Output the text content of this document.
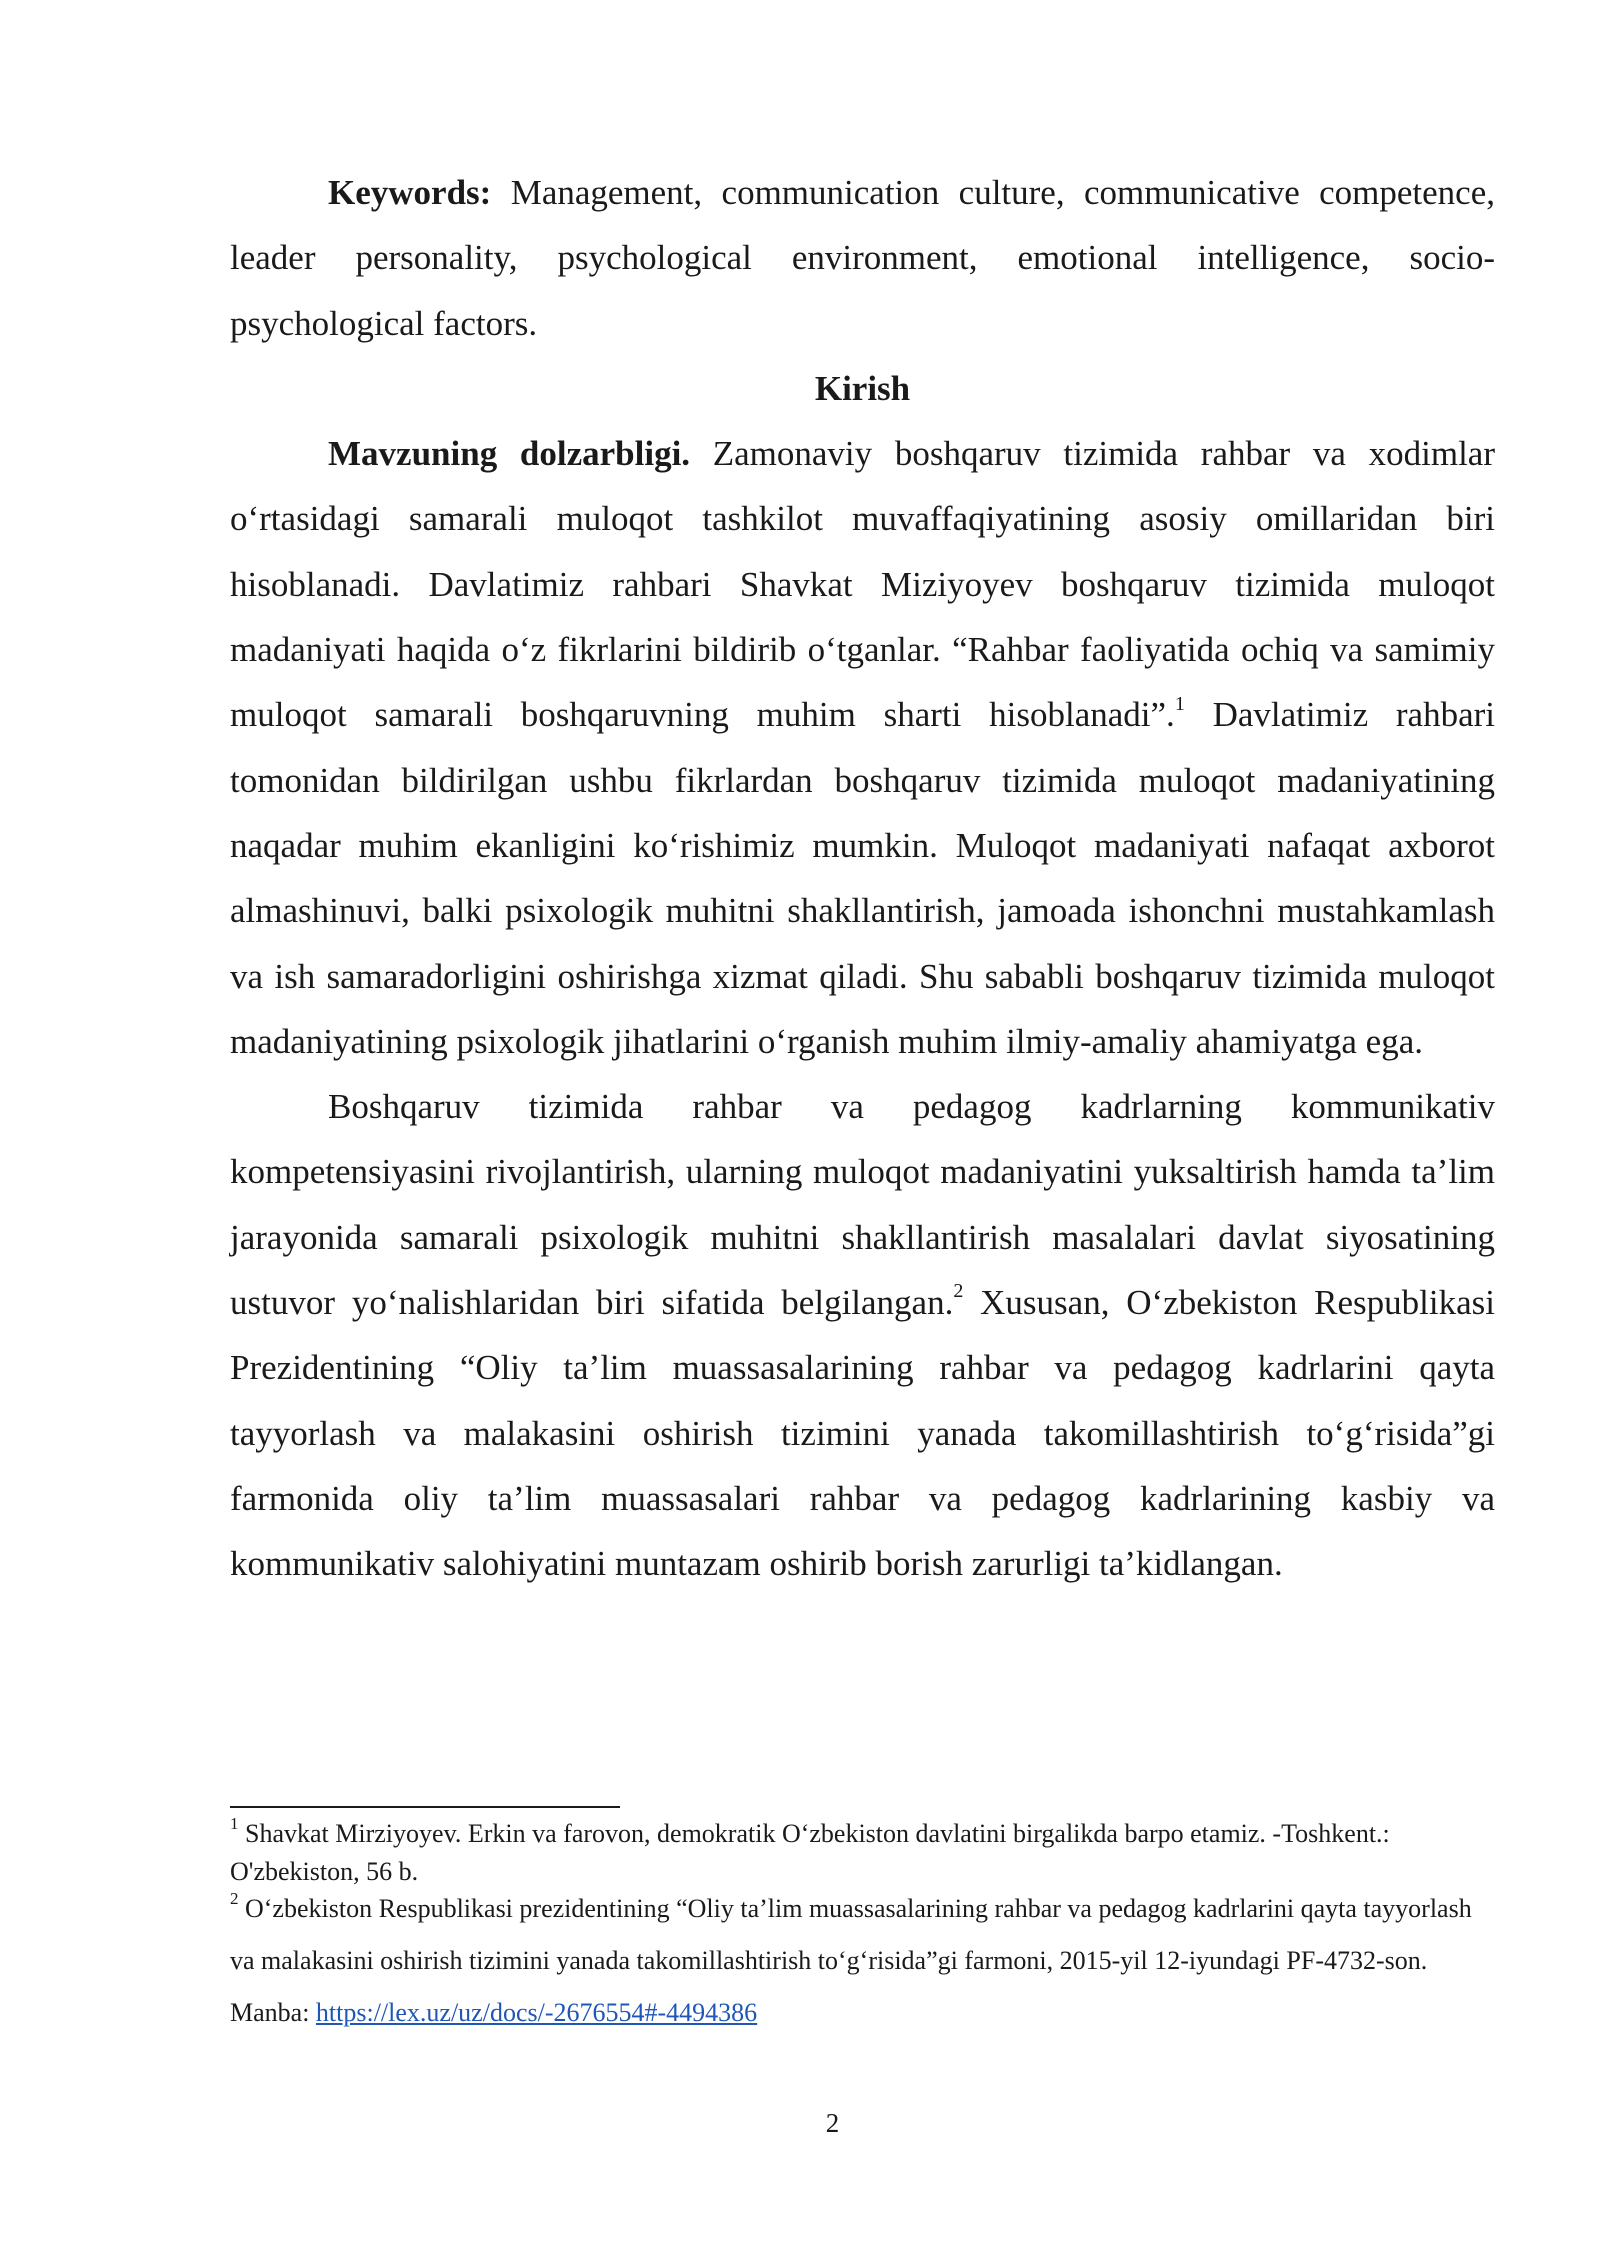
Keywords: Management, communication culture, communicative competence, leader personality, psychological environment, emotional intelligence, socio-psychological factors.

Kirish

Mavzuning dolzarbligi. Zamonaviy boshqaruv tizimida rahbar va xodimlar o‘rtasidagi samarali muloqot tashkilot muvaffaqiyatining asosiy omillaridan biri hisoblanadi. Davlatimiz rahbari Shavkat Miziyoyev boshqaruv tizimida muloqot madaniyati haqida o‘z fikrlarini bildirib o‘tganlar. “Rahbar faoliyatida ochiq va samimiy muloqot samarali boshqaruvning muhim sharti hisoblanadi”.$^1$ Davlatimiz rahbari tomonidan bildirilgan ushbu fikrlardan boshqaruv tizimida muloqot madaniyatining naqadar muhim ekanligini ko‘rishimiz mumkin. Muloqot madaniyati nafaqat axborot almashinuvi, balki psixologik muhitni shakllantirish, jamoada ishonchni mustahkamlash va ish samaradorligini oshirishga xizmat qiladi. Shu sababli boshqaruv tizimida muloqot madaniyatining psixologik jihatlarini o‘rganish muhim ilmiy-amaliy ahamiyatga ega.

Boshqaruv tizimida rahbar va pedagog kadrlarning kommunikativ kompetensiyasini rivojlantirish, ularning muloqot madaniyatini yuksaltirish hamda ta’lim jarayonida samarali psixologik muhitni shakllantirish masalalari davlat siyosatining ustuvor yo‘nalishlaridan biri sifatida belgilangan.$^2$ Xususan, O‘zbekiston Respublikasi Prezidentining “Oliy ta’lim muassasalarining rahbar va pedagog kadrlarini qayta tayyorlash va malakasini oshirish tizimini yanada takomillashtirish to‘g‘risida”gi farmonida oliy ta’lim muassasalari rahbar va pedagog kadrlarining kasbiy va kommunikativ salohiyatini muntazam oshirib borish zarurligi ta’kidlangan.

$^1$ Shavkat Mirziyoyev. Erkin va farovon, demokratik O‘zbekiston davlatini birgalikda barpo etamiz. -Toshkent.: O'zbekiston, 56 b.

$^2$ O‘zbekiston Respublikasi prezidentining “Oliy ta’lim muassasalarining rahbar va pedagog kadrlarini qayta tayyorlash va malakasini oshirish tizimini yanada takomillashtirish to‘g‘risida”gi farmoni, 2015-yil 12-iyundagi PF-4732-son. Manba: https://lex.uz/uz/docs/-2676554#-4494386

2
